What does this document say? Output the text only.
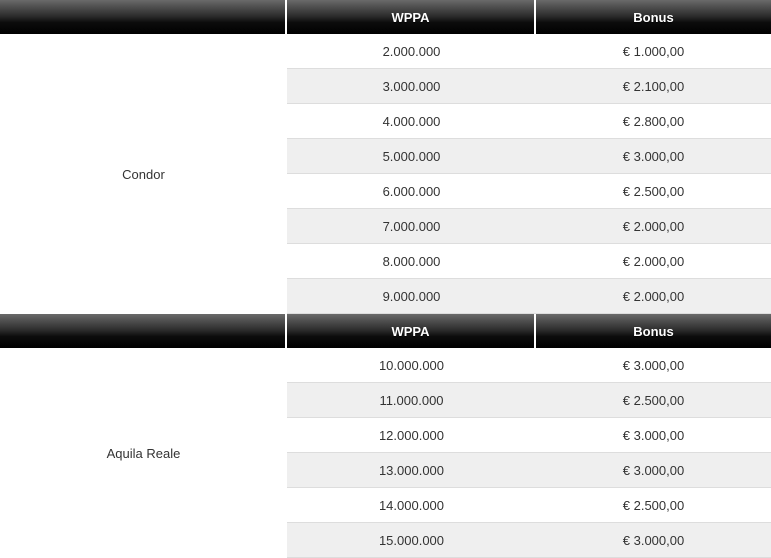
WPPA	Bonus
Condor
2.000.000	€ 1.000,00
3.000.000	€ 2.100,00
4.000.000	€ 2.800,00
5.000.000	€ 3.000,00
6.000.000	€ 2.500,00
7.000.000	€ 2.000,00
8.000.000	€ 2.000,00
9.000.000	€ 2.000,00
WPPA	Bonus
Aquila Reale
10.000.000	€ 3.000,00
11.000.000	€ 2.500,00
12.000.000	€ 3.000,00
13.000.000	€ 3.000,00
14.000.000	€ 2.500,00
15.000.000	€ 3.000,00
